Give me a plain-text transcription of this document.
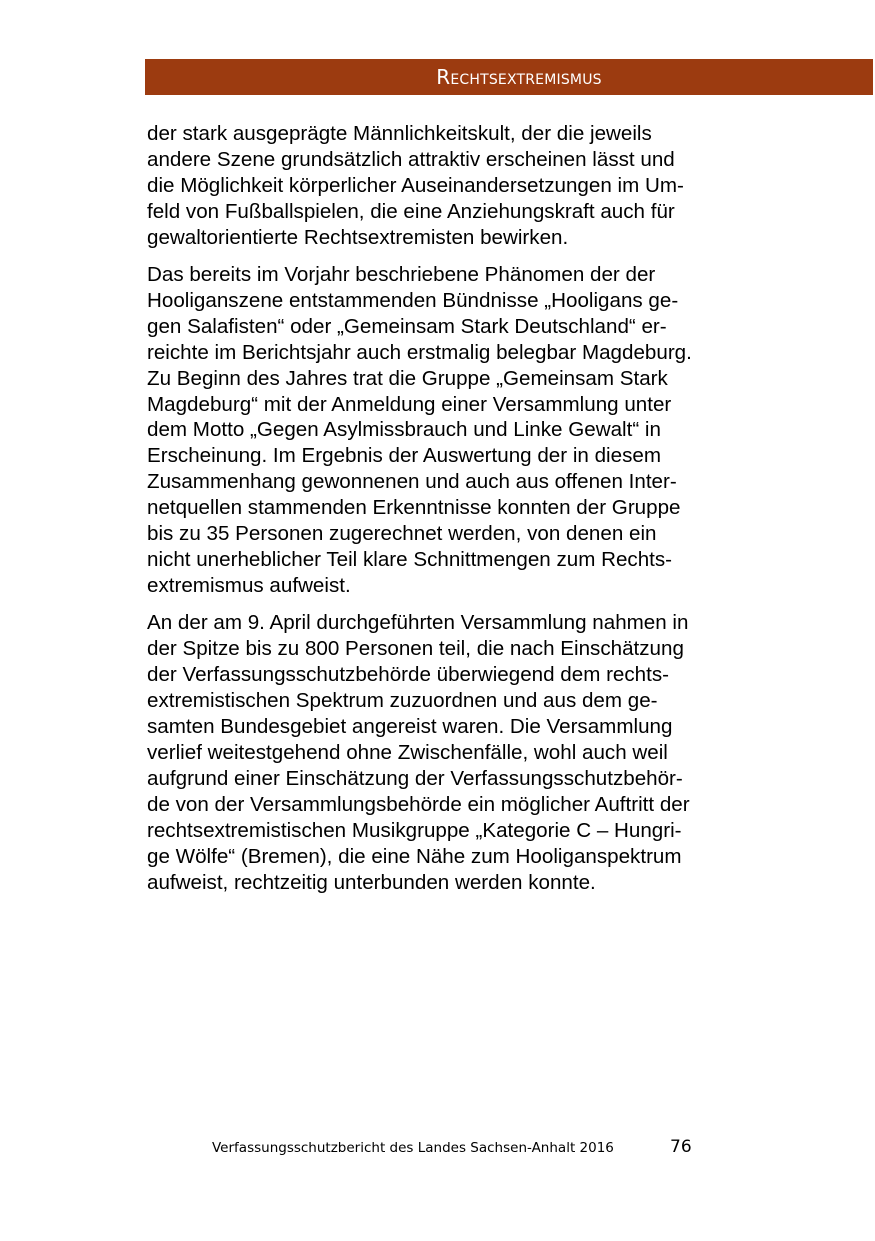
Rechtsextremismus

der stark ausgeprägte Männlichkeitskult, der die jeweils
andere Szene grundsätzlich attraktiv erscheinen lässt und
die Möglichkeit körperlicher Auseinandersetzungen im Um-
feld von Fußballspielen, die eine Anziehungskraft auch für
gewaltorientierte Rechtsextremisten bewirken.

Das bereits im Vorjahr beschriebene Phänomen der der
Hooliganszene entstammenden Bündnisse „Hooligans ge-
gen Salafisten“ oder „Gemeinsam Stark Deutschland“ er-
reichte im Berichtsjahr auch erstmalig belegbar Magdeburg.
Zu Beginn des Jahres trat die Gruppe „Gemeinsam Stark
Magdeburg“ mit der Anmeldung einer Versammlung unter
dem Motto „Gegen Asylmissbrauch und Linke Gewalt“ in
Erscheinung. Im Ergebnis der Auswertung der in diesem
Zusammenhang gewonnenen und auch aus offenen Inter-
netquellen stammenden Erkenntnisse konnten der Gruppe
bis zu 35 Personen zugerechnet werden, von denen ein
nicht unerheblicher Teil klare Schnittmengen zum Rechts-
extremismus aufweist.

An der am 9. April durchgeführten Versammlung nahmen in
der Spitze bis zu 800 Personen teil, die nach Einschätzung
der Verfassungsschutzbehörde überwiegend dem rechts-
extremistischen Spektrum zuzuordnen und aus dem ge-
samten Bundesgebiet angereist waren. Die Versammlung
verlief weitestgehend ohne Zwischenfälle, wohl auch weil
aufgrund einer Einschätzung der Verfassungsschutzbehör-
de von der Versammlungsbehörde ein möglicher Auftritt der
rechtsextremistischen Musikgruppe „Kategorie C – Hungri-
ge Wölfe“ (Bremen), die eine Nähe zum Hooliganspektrum
aufweist, rechtzeitig unterbunden werden konnte.

Verfassungsschutzbericht des Landes Sachsen-Anhalt 2016	76
